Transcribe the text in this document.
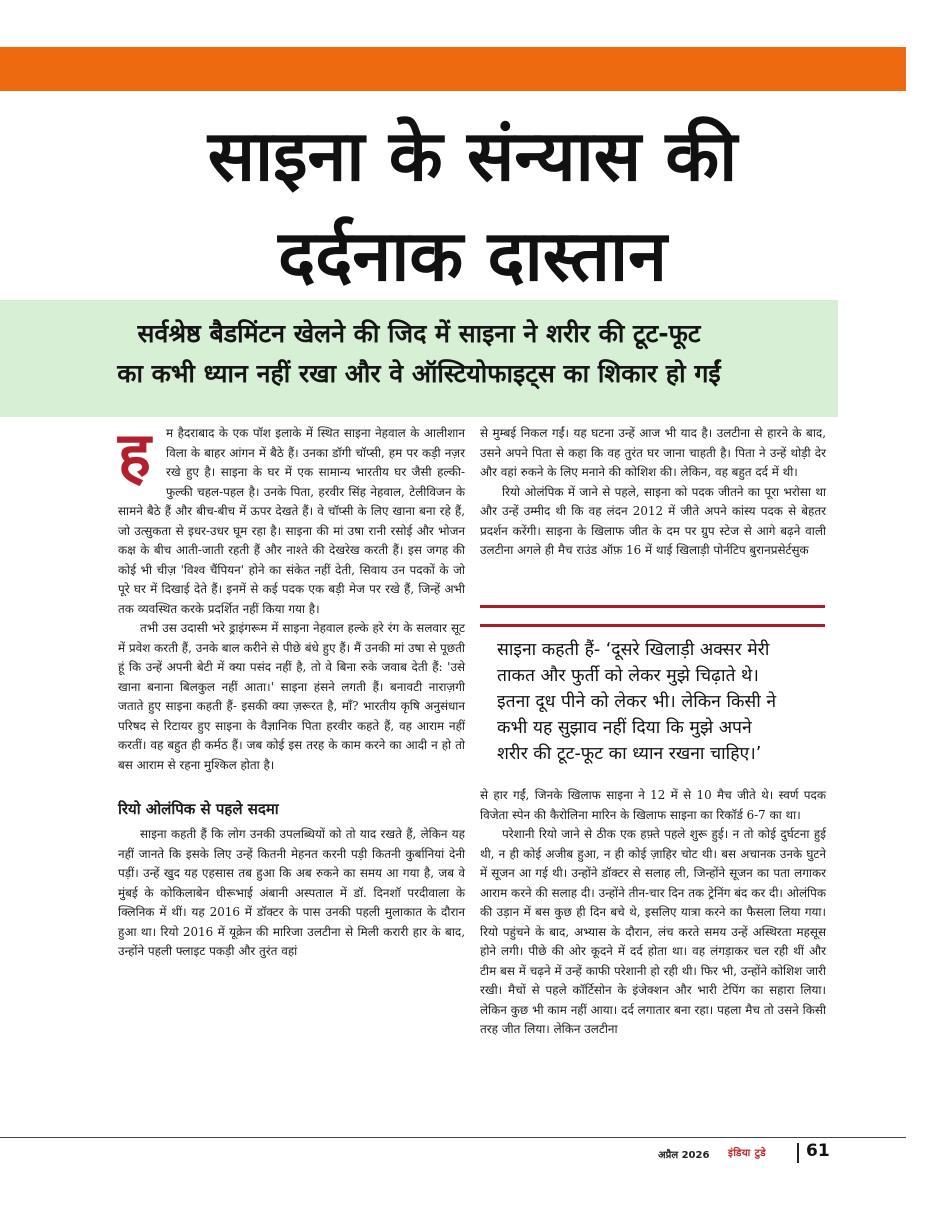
साइना के संन्यास की
दर्दनाक दास्तान
सर्वश्रेष्ठ बैडमिंटन खेलने की जिद में साइना ने शरीर की टूट-फूट
का कभी ध्यान नहीं रखा और वे ऑस्टियोफाइट्स का शिकार हो गईं
ह	म हैदराबाद के एक पॉश इलाके में स्थित साइना नेहवाल के आलीशान विला के बाहर आंगन में बैठे हैं। उनका डॉगी चॉप्सी, हम पर कड़ी नज़र रखे हुए है। साइना के घर में एक सामान्य भारतीय घर जैसी हल्की-फुल्की चहल-पहल है। उनके पिता, हरवीर सिंह नेहवाल, टेलीविजन के सामने बैठे हैं और बीच-बीच में ऊपर देखते हैं। वे चॉप्सी के लिए खाना बना रहे हैं, जो उत्सुकता से इधर-उधर घूम रहा है। साइना की मां उषा रानी रसोई और भोजन कक्ष के बीच आती-जाती रहती हैं और नाश्ते की देखरेख करती हैं। इस जगह की कोई भी चीज़ 'विश्व चैंपियन' होने का संकेत नहीं देती, सिवाय उन पदकों के जो पूरे घर में दिखाई देते हैं। इनमें से कई पदक एक बड़ी मेज पर रखे हैं, जिन्हें अभी तक व्यवस्थित करके प्रदर्शित नहीं किया गया है।

तभी उस उदासी भरे ड्राइंगरूम में साइना नेहवाल हल्के हरे रंग के सलवार सूट में प्रवेश करती हैं, उनके बाल करीने से पीछे बंधे हुए हैं। मैं उनकी मां उषा से पूछती हूं कि उन्हें अपनी बेटी में क्या पसंद नहीं है, तो वे बिना रुके जवाब देती हैं: 'उसे खाना बनाना बिलकुल नहीं आता।' साइना हंसने लगती हैं। बनावटी नाराज़गी जताते हुए साइना कहती हैं- इसकी क्या ज़रूरत है, माँ? भारतीय कृषि अनुसंधान परिषद से रिटायर हुए साइना के वैज्ञानिक पिता हरवीर कहते हैं, वह आराम नहीं करतीं। वह बहुत ही कर्मठ हैं। जब कोई इस तरह के काम करने का आदी न हो तो बस आराम से रहना मुश्किल होता है।

रियो ओलंपिक से पहले सदमा

साइना कहती हैं कि लोग उनकी उपलब्धियों को तो याद रखते हैं, लेकिन यह नहीं जानते कि इसके लिए उन्हें कितनी मेहनत करनी पड़ी कितनी कुर्बानियां देनी पड़ीं। उन्हें खुद यह एहसास तब हुआ कि अब रुकने का समय आ गया है, जब वे मुंबई के कोकिलाबेन धीरूभाई अंबानी अस्पताल में डॉ. दिनशॉ परदीवाला के क्लिनिक में थीं। यह 2016 में डॉक्टर के पास उनकी पहली मुलाकात के दौरान हुआ था। रियो 2016 में यूक्रेन की मारिजा उलटीना से मिली करारी हार के बाद, उन्होंने पहली फ्लाइट पकड़ी और तुरंत वहां

से मुम्बई निकल गईं। यह घटना उन्हें आज भी याद है। उलटीना से हारने के बाद, उसने अपने पिता से कहा कि वह तुरंत घर जाना चाहती है। पिता ने उन्हें थोड़ी देर और वहां रुकने के लिए मनाने की कोशिश की। लेकिन, वह बहुत दर्द में थी।

रियो ओलंपिक में जाने से पहले, साइना को पदक जीतने का पूरा भरोसा था और उन्हें उम्मीद थी कि वह लंदन 2012 में जीते अपने कांस्य पदक से बेहतर प्रदर्शन करेंगी। साइना के खिलाफ जीत के दम पर ग्रुप स्टेज से आगे बढ़ने वाली उलटीना अगले ही मैच राउंड ऑफ़ 16 में थाई खिलाड़ी पोर्नटिप बुरानप्रसेर्टसुक

साइना कहती हैं- ‘दूसरे खिलाड़ी अक्सर मेरी
ताकत और फुर्ती को लेकर मुझे चिढ़ाते थे।
इतना दूध पीने को लेकर भी। लेकिन किसी ने
कभी यह सुझाव नहीं दिया कि मुझे अपने
शरीर की टूट-फूट का ध्यान रखना चाहिए।’

से हार गईं, जिनके खिलाफ साइना ने 12 में से 10 मैच जीते थे। स्वर्ण पदक विजेता स्पेन की कैरोलिना मारिन के खिलाफ साइना का रिकॉर्ड 6-7 का था।

परेशानी रियो जाने से ठीक एक हफ़्ते पहले शुरू हुई। न तो कोई दुर्घटना हुई थी, न ही कोई अजीब हुआ, न ही कोई ज़ाहिर चोट थी। बस अचानक उनके घुटने में सूजन आ गई थी। उन्होंने डॉक्टर से सलाह ली, जिन्होंने सूजन का पता लगाकर आराम करने की सलाह दी। उन्होंने तीन-चार दिन तक ट्रेनिंग बंद कर दी। ओलंपिक की उड़ान में बस कुछ ही दिन बचे थे, इसलिए यात्रा करने का फैसला लिया गया। रियो पहुंचने के बाद, अभ्यास के दौरान, लंच करते समय उन्हें अस्थिरता महसूस होने लगी। पीछे की ओर कूदने में दर्द होता था। वह लंगड़ाकर चल रही थीं और टीम बस में चढ़ने में उन्हें काफी परेशानी हो रही थी। फिर भी, उन्होंने कोशिश जारी रखी। मैचों से पहले कॉर्टिसोन के इंजेक्शन और भारी टेपिंग का सहारा लिया। लेकिन कुछ भी काम नहीं आया। दर्द लगातार बना रहा। पहला मैच तो उसने किसी तरह जीत लिया। लेकिन उलटीना

अप्रैल 2026 इंडिया टुडे 61
